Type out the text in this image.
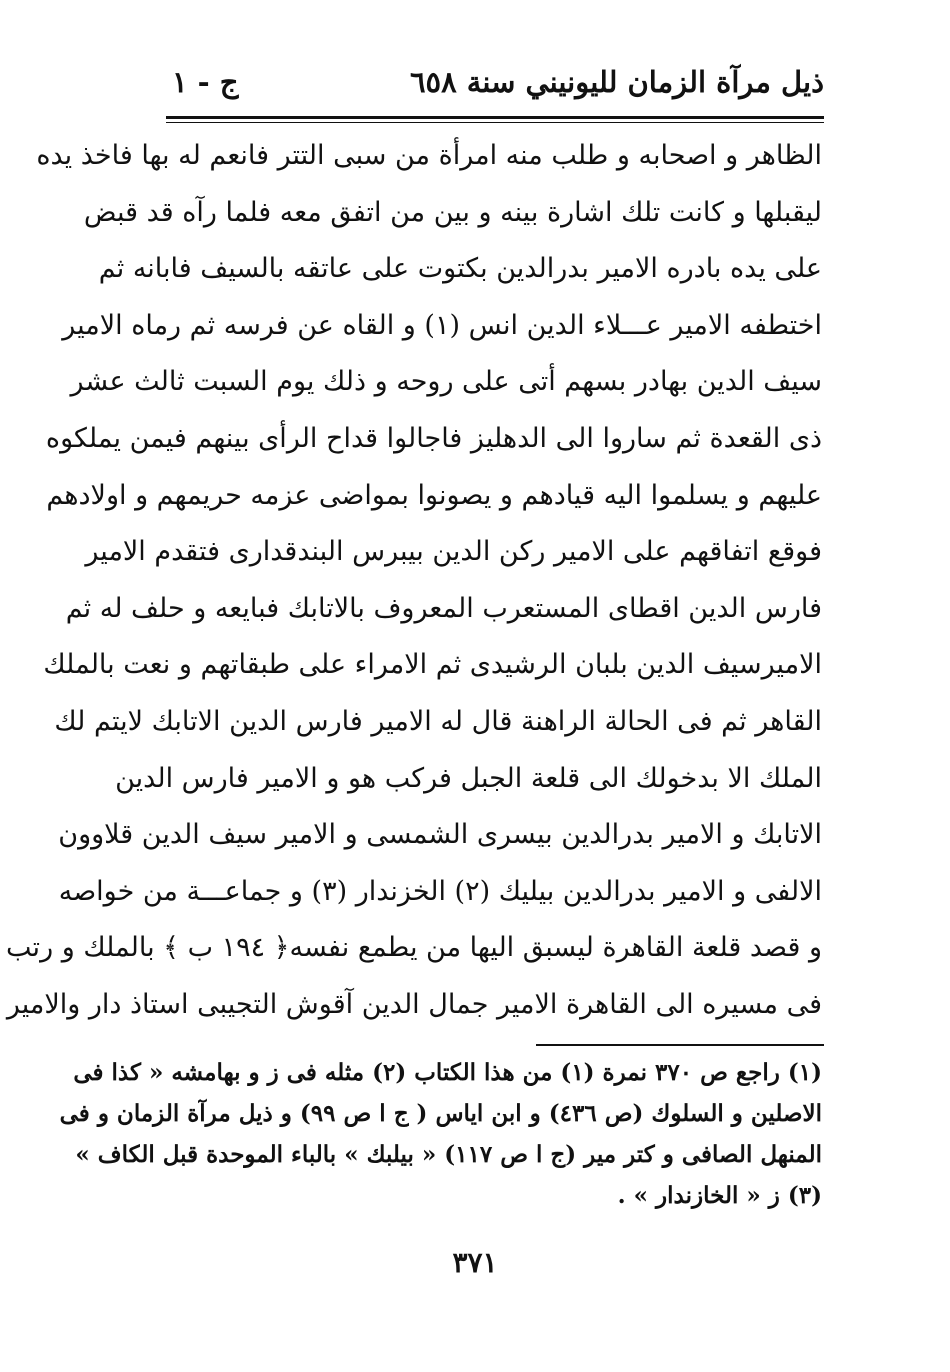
ذيل مرآة الزمان لليونيني سنة ٦٥٨
ج - ١
الظاهر و اصحابه و طلب منه امرأة من سبى التتر فانعم له بها فاخذ يده
ليقبلها و كانت تلك اشارة بينه و بين من اتفق معه فلما رآه قد قبض
على يده بادره الامير بدرالدين بكتوت على عاتقه بالسيف فابانه ثم
اختطفه الامير عـــلاء الدين انس (١) و القاه عن فرسه ثم رماه الامير
سيف الدين بهادر بسهم أتى على روحه و ذلك يوم السبت ثالث عشر
ذى القعدة ثم ساروا الى الدهليز فاجالوا قداح الرأى بينهم فيمن يملكوه
عليهم و يسلموا اليه قيادهم و يصونوا بمواضى عزمه حريمهم و اولادهم
فوقع اتفاقهم على الامير ركن الدين بيبرس البندقدارى فتقدم الامير
فارس الدين اقطاى المستعرب المعروف بالاتابك فبايعه و حلف له ثم
الاميرسيف الدين بلبان الرشيدى ثم الامراء على طبقاتهم و نعت بالملك
القاهر ثم فى الحالة الراهنة قال له الامير فارس الدين الاتابك لايتم لك
الملك الا بدخولك الى قلعة الجبل فركب هو و الامير فارس الدين
الاتابك و الامير بدرالدين بيسرى الشمسى و الامير سيف الدين قلاوون
الالفى و الامير بدرالدين بيليك (٢) الخزندار (٣) و جماعـــة من خواصه
و قصد قلعة القاهرة ليسبق اليها من يطمع نفسه﴿ ١٩٤ ب ﴾ بالملك و رتب
فى مسيره الى القاهرة الامير جمال الدين آقوش التجيبى استاذ دار والامير
(١) راجع ص ٣٧٠ نمرة (١) من هذا الكتاب (٢) مثله فى ز و بهامشه « كذا فى
الاصلين و السلوك (ص ٤٣٦) و ابن اياس ( ج ا ص ٩٩) و ذيل مرآة الزمان و فى
المنهل الصافى و كتر مير (ج ا ص ١١٧) « بيلبك » بالباء الموحدة قبل الكاف »
(٣) ز « الخازندار » .
٣٧١
